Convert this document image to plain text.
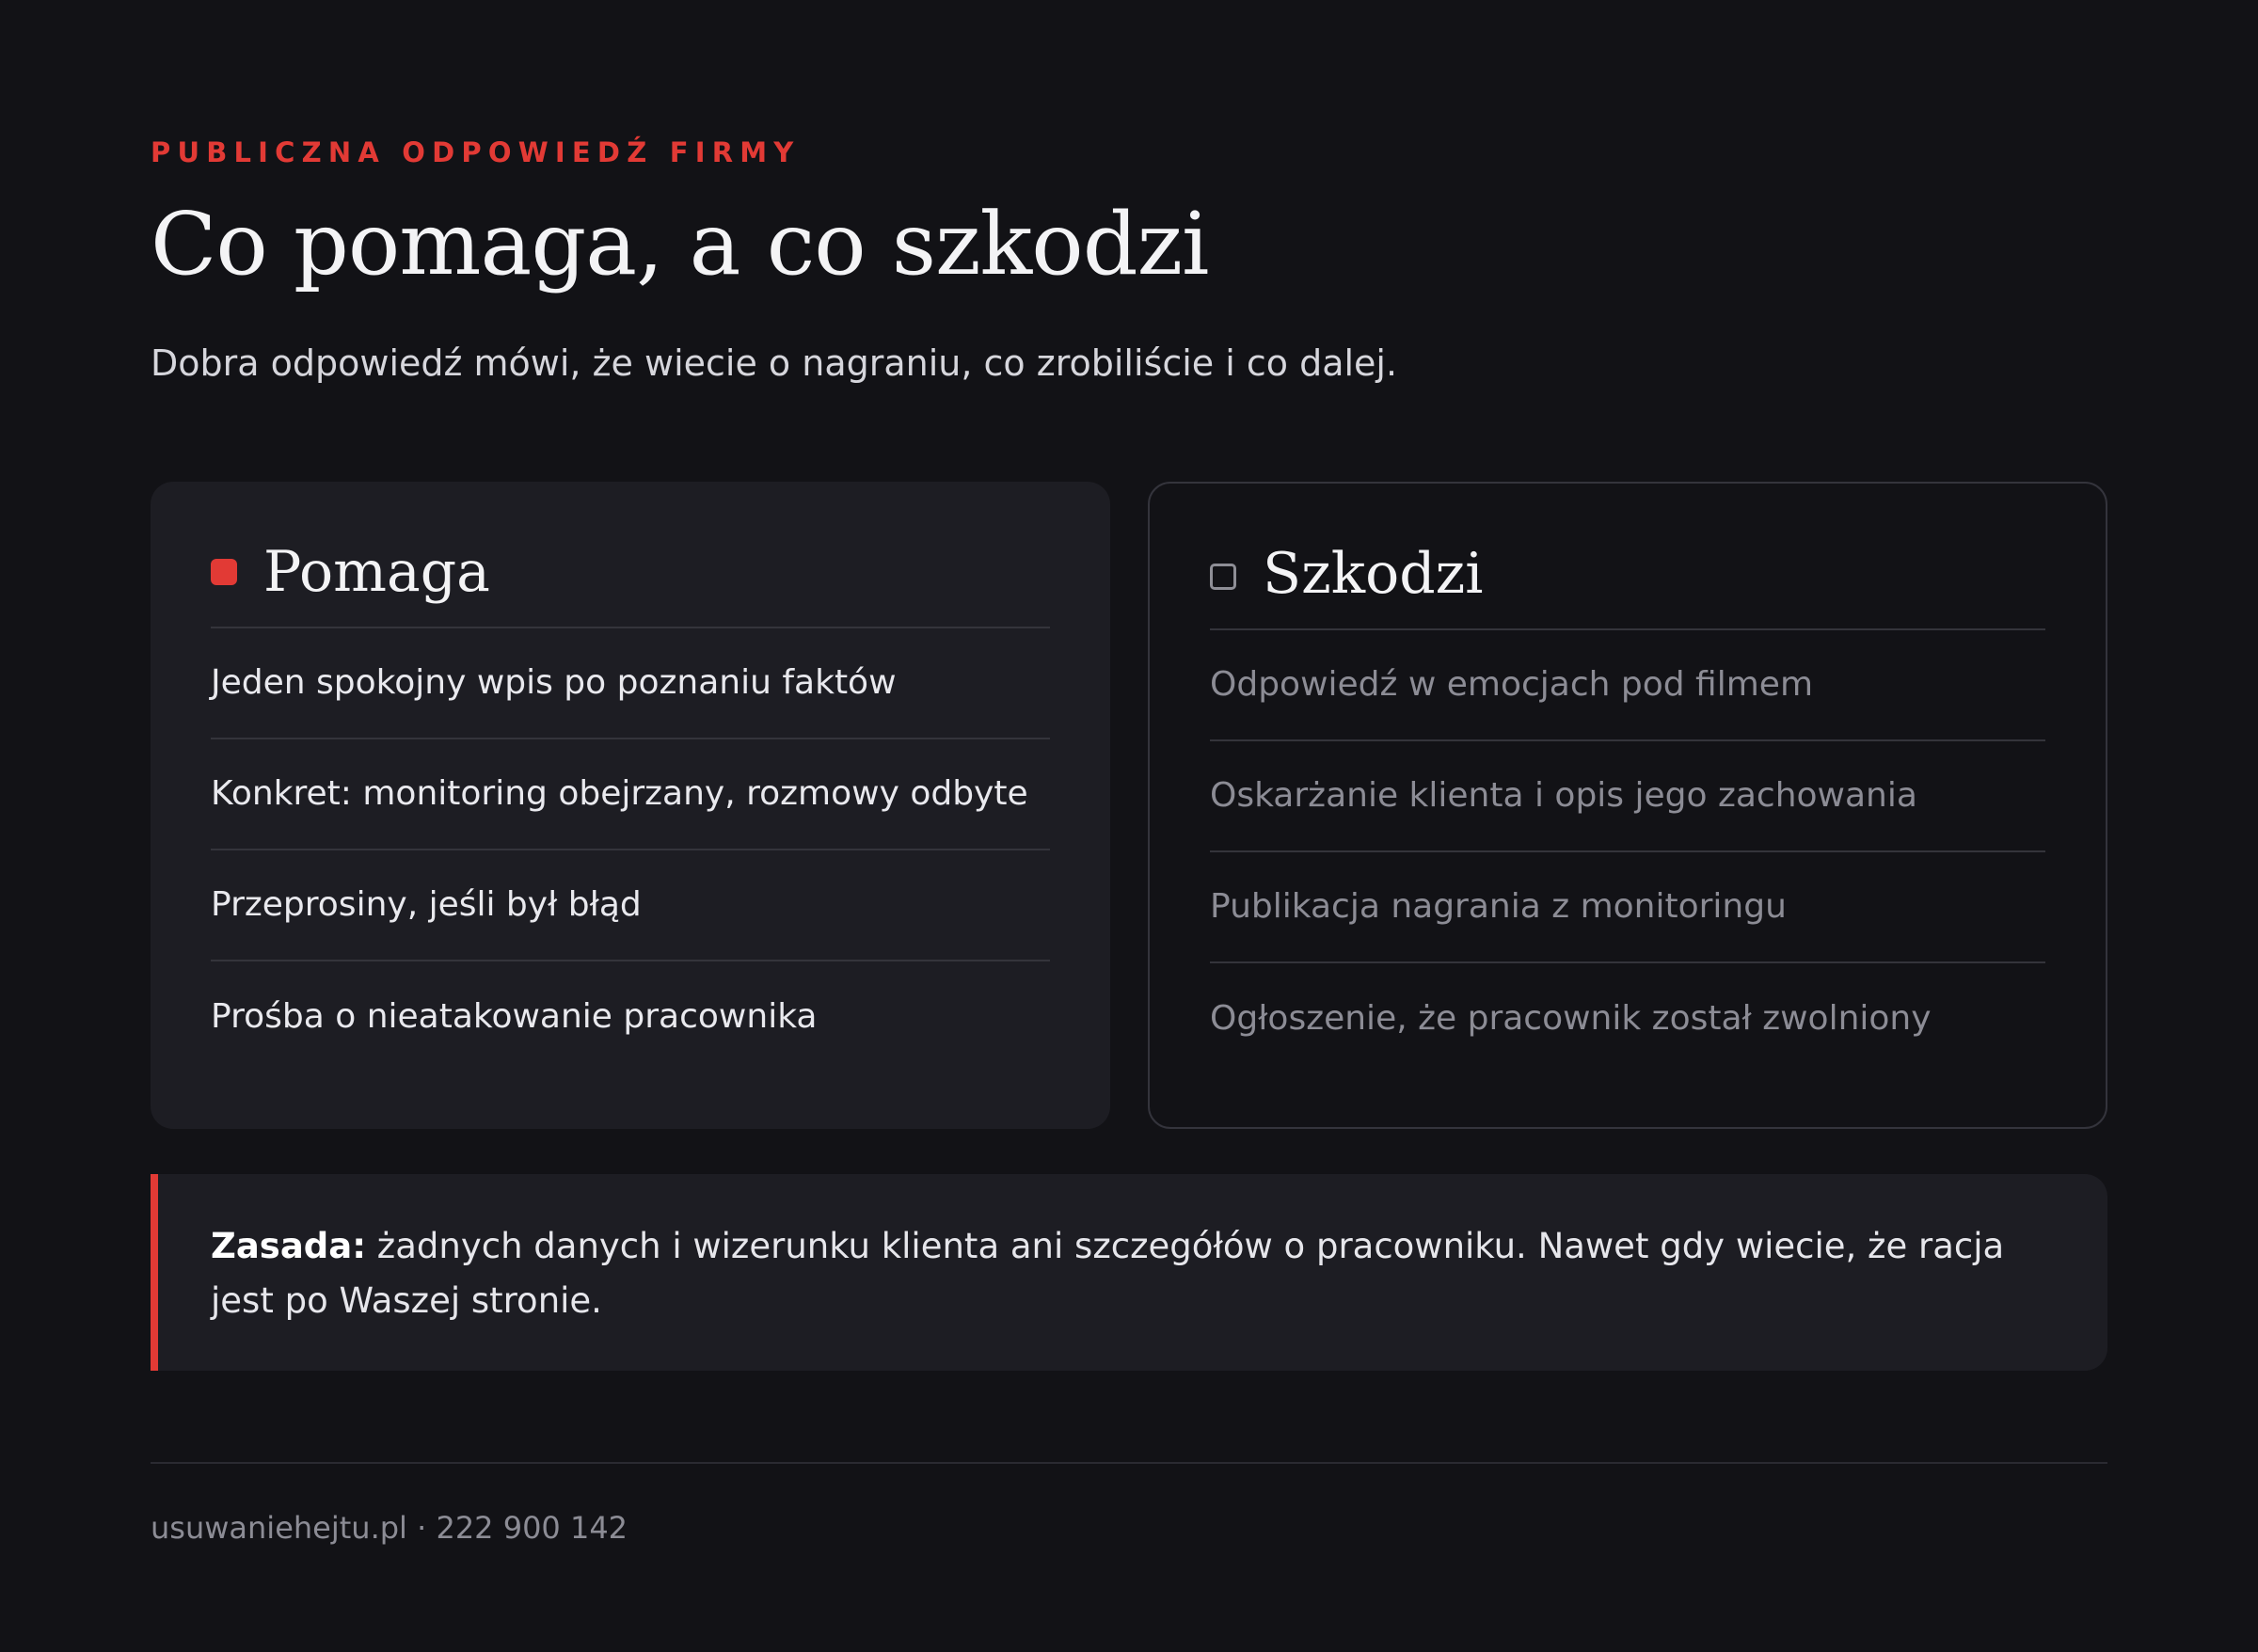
PUBLICZNA ODPOWIEDŹ FIRMY
Co pomaga, a co szkodzi

Dobra odpowiedź mówi, że wiecie o nagraniu, co zrobiliście i co dalej.

Pomaga
Jeden spokojny wpis po poznaniu faktów
Konkret: monitoring obejrzany, rozmowy odbyte
Przeprosiny, jeśli był błąd
Prośba o nieatakowanie pracownika
Szkodzi
Odpowiedź w emocjach pod filmem
Oskarżanie klienta i opis jego zachowania
Publikacja nagrania z monitoringu
Ogłoszenie, że pracownik został zwolniony
Zasada: żadnych danych i wizerunku klienta ani szczegółów o pracowniku. Nawet gdy wiecie, że racja jest po Waszej stronie.
usuwaniehejtu.pl · 222 900 142
